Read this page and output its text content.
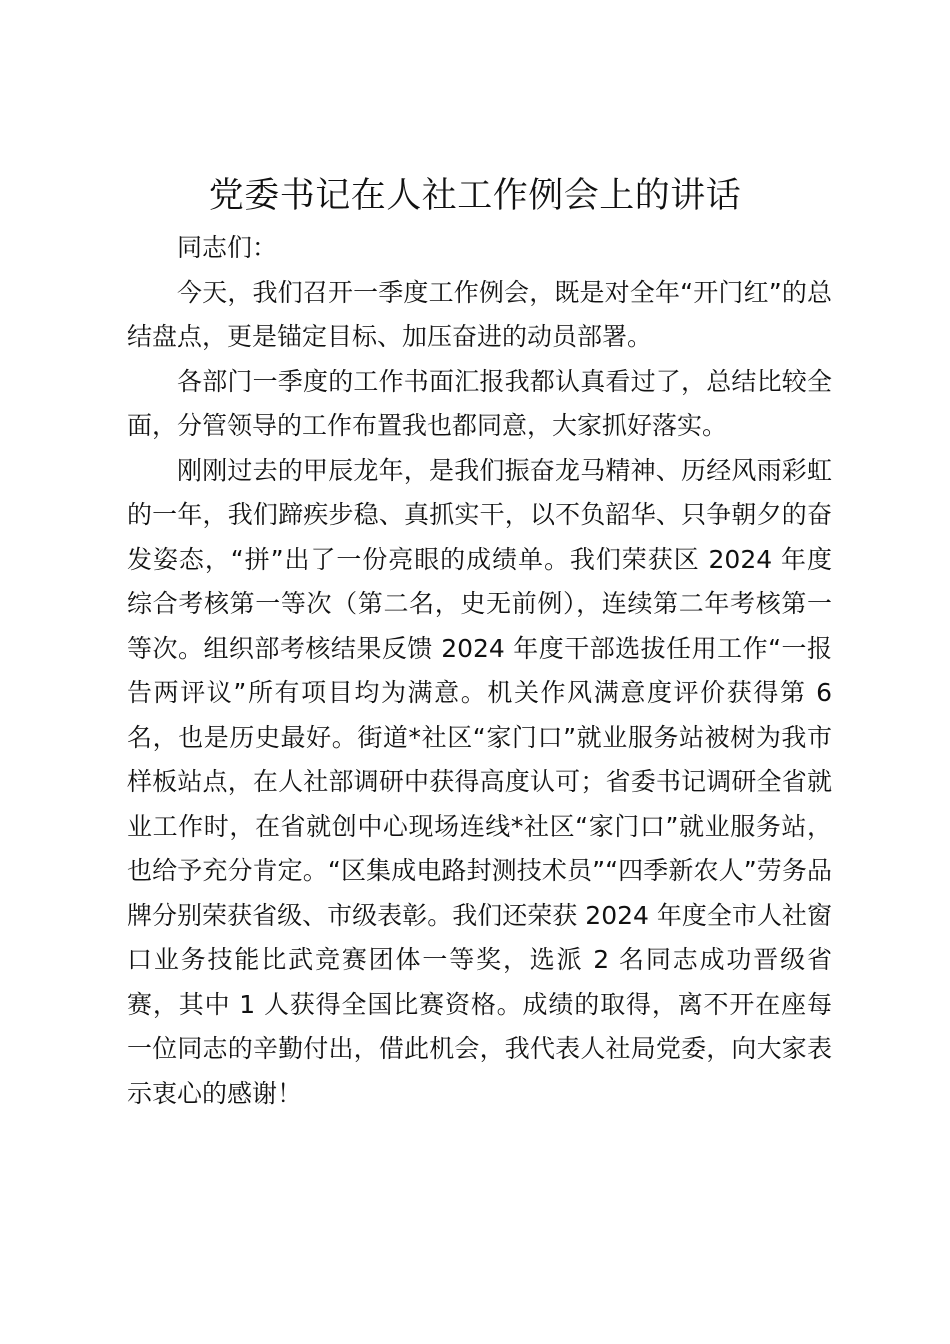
党委书记在人社工作例会上的讲话

同志们：

今天，我们召开一季度工作例会，既是对全年“开门红”的总结盘点，更是锚定目标、加压奋进的动员部署。

各部门一季度的工作书面汇报我都认真看过了，总结比较全面，分管领导的工作布置我也都同意，大家抓好落实。

刚刚过去的甲辰龙年，是我们振奋龙马精神、历经风雨彩虹的一年，我们蹄疾步稳、真抓实干，以不负韶华、只争朝夕的奋发姿态，“拼”出了一份亮眼的成绩单。我们荣获区 2024 年度综合考核第一等次（第二名，史无前例），连续第二年考核第一等次。组织部考核结果反馈 2024 年度干部选拔任用工作“一报告两评议”所有项目均为满意。机关作风满意度评价获得第 6 名，也是历史最好。街道*社区“家门口”就业服务站被树为我市样板站点，在人社部调研中获得高度认可；省委书记调研全省就业工作时，在省就创中心现场连线*社区“家门口”就业服务站，也给予充分肯定。“区集成电路封测技术员”“四季新农人”劳务品牌分别荣获省级、市级表彰。我们还荣获 2024 年度全市人社窗口业务技能比武竞赛团体一等奖，选派 2 名同志成功晋级省赛，其中 1 人获得全国比赛资格。成绩的取得，离不开在座每一位同志的辛勤付出，借此机会，我代表人社局党委，向大家表示衷心的感谢！
